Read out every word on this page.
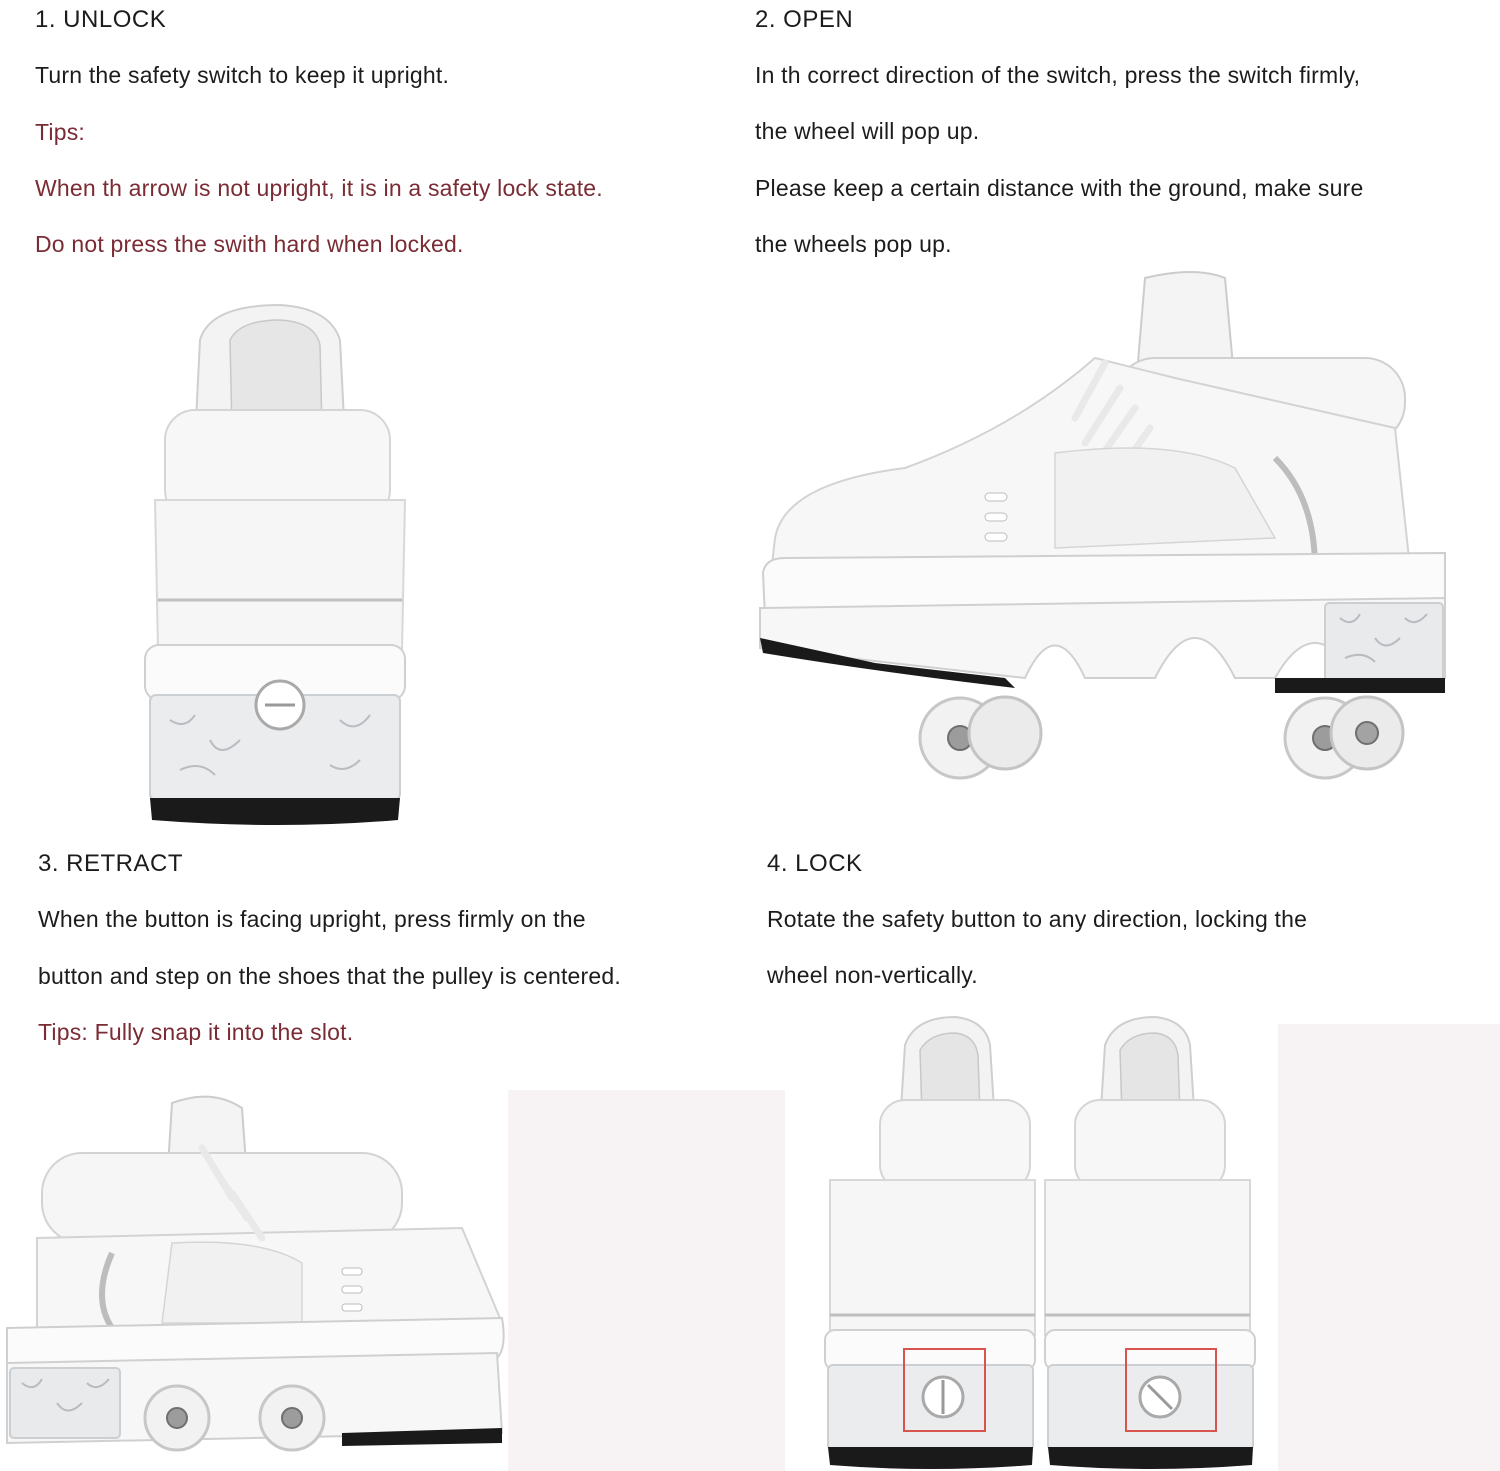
1. UNLOCK
Turn the safety switch to keep it upright.
Tips:
When th arrow is not upright, it is in a safety lock state.
Do not press the swith hard when locked.
2. OPEN
In th correct direction of the switch, press the switch firmly,
the wheel will pop up.
Please keep a certain distance with the ground, make sure
the wheels pop up.
3. RETRACT
When the button is facing upright, press firmly on the
button and step on the shoes that the pulley is centered.
Tips: Fully snap it into the slot.
4. LOCK
Rotate the safety button to any direction, locking the
wheel non-vertically.
